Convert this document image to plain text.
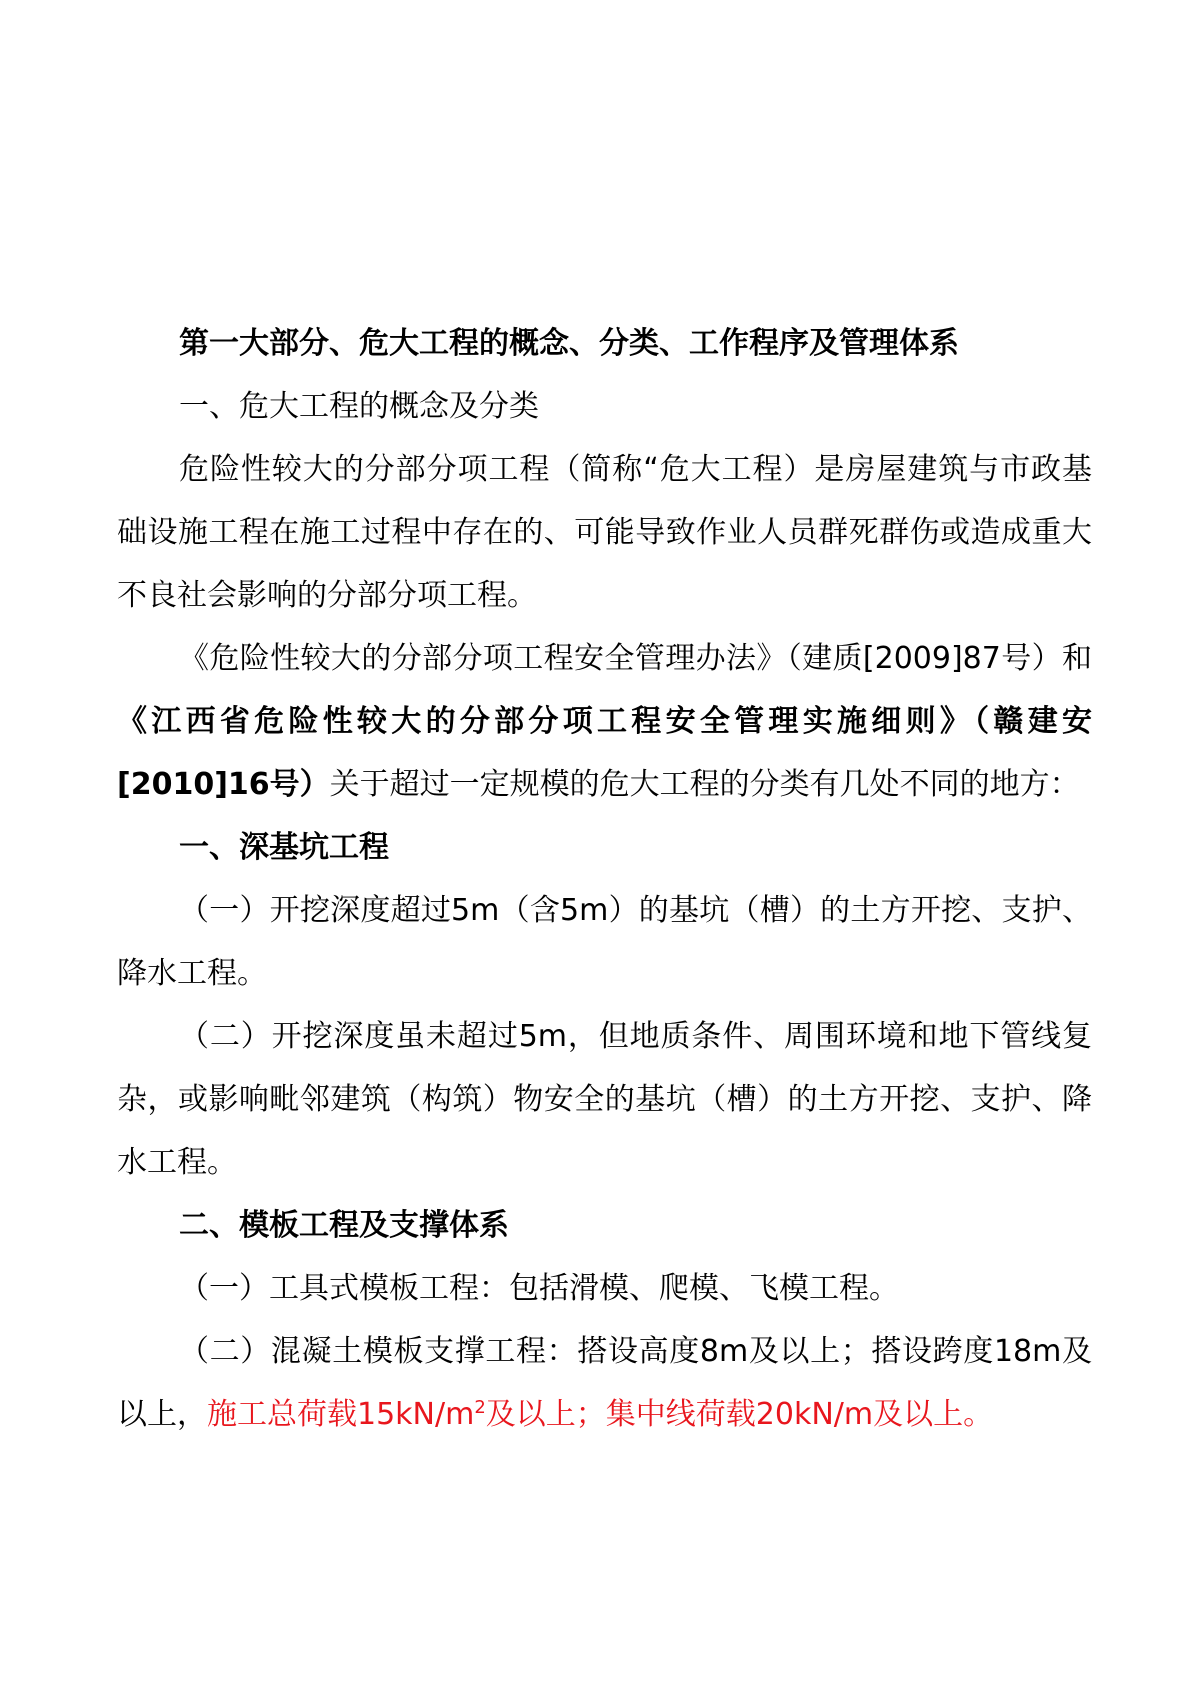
第一大部分、危大工程的概念、分类、工作程序及管理体系

一、危大工程的概念及分类

危险性较大的分部分项工程（简称“危大工程）是房屋建筑与市政基础设施工程在施工过程中存在的、可能导致作业人员群死群伤或造成重大不良社会影响的分部分项工程。

《危险性较大的分部分项工程安全管理办法》（建质[2009]87号）和《江西省危险性较大的分部分项工程安全管理实施细则》（赣建安[2010]16号）关于超过一定规模的危大工程的分类有几处不同的地方：

一、深基坑工程

（一）开挖深度超过5m（含5m）的基坑（槽）的土方开挖、支护、降水工程。

（二）开挖深度虽未超过5m，但地质条件、周围环境和地下管线复杂，或影响毗邻建筑（构筑）物安全的基坑（槽）的土方开挖、支护、降水工程。

二、模板工程及支撑体系

（一）工具式模板工程：包括滑模、爬模、飞模工程。

（二）混凝土模板支撑工程：搭设高度8m及以上；搭设跨度18m及以上，施工总荷载$15kN/m^2$及以上；集中线荷载20kN/m及以上。
